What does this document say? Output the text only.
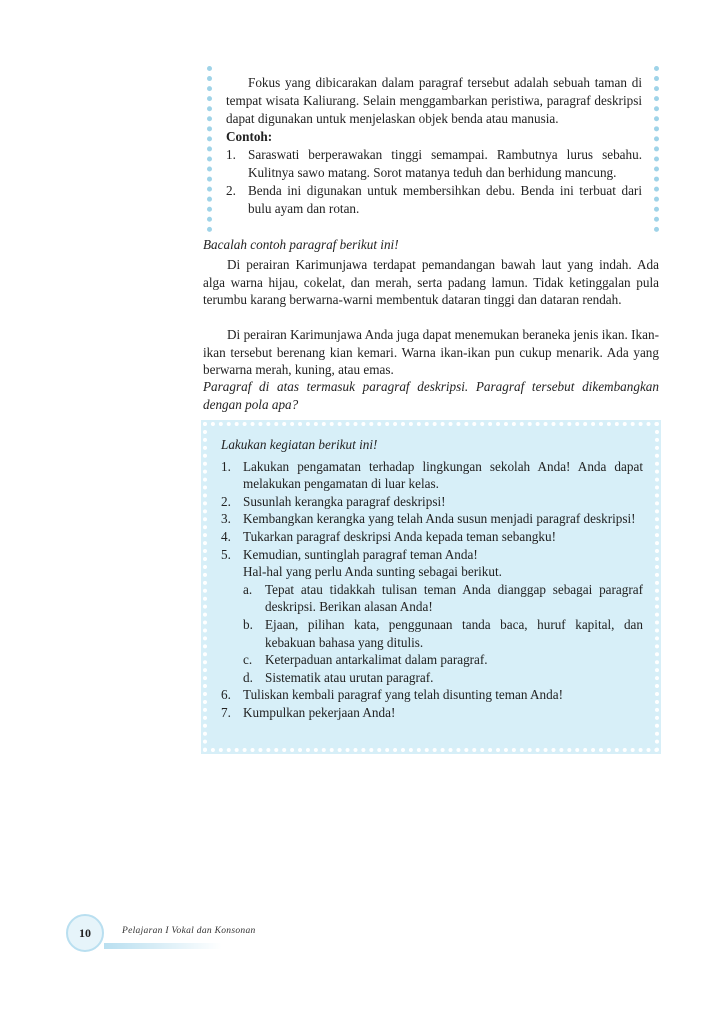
Fokus yang dibicarakan dalam paragraf tersebut adalah sebuah taman di tempat wisata Kaliurang. Selain menggambarkan peristiwa, paragraf deskripsi dapat digunakan untuk menjelaskan objek benda atau manusia.

Contoh:

1. Saraswati berperawakan tinggi semampai. Rambutnya lurus sebahu. Kulitnya sawo matang. Sorot matanya teduh dan berhidung mancung.
2. Benda ini digunakan untuk membersihkan debu. Benda ini terbuat dari bulu ayam dan rotan.
Bacalah contoh paragraf berikut ini!

Di perairan Karimunjawa terdapat pemandangan bawah laut yang indah. Ada alga warna hijau, cokelat, dan merah, serta padang lamun. Tidak ketinggalan pula terumbu karang berwarna-warni membentuk dataran tinggi dan dataran rendah.

Di perairan Karimunjawa Anda juga dapat menemukan beraneka jenis ikan. Ikan-ikan tersebut berenang kian kemari. Warna ikan-ikan pun cukup menarik. Ada yang berwarna merah, kuning, atau emas.

Paragraf di atas termasuk paragraf deskripsi. Paragraf tersebut dikembangkan dengan pola apa?
Lakukan kegiatan berikut ini!
1. Lakukan pengamatan terhadap lingkungan sekolah Anda! Anda dapat melakukan pengamatan di luar kelas.
2. Susunlah kerangka paragraf deskripsi!
3. Kembangkan kerangka yang telah Anda susun menjadi paragraf deskripsi!
4. Tukarkan paragraf deskripsi Anda kepada teman sebangku!
5. Kemudian, suntinglah paragraf teman Anda!
Hal-hal yang perlu Anda sunting sebagai berikut.
a. Tepat atau tidakkah tulisan teman Anda dianggap sebagai paragraf deskripsi. Berikan alasan Anda!
b. Ejaan, pilihan kata, penggunaan tanda baca, huruf kapital, dan kebakuan bahasa yang ditulis.
c. Keterpaduan antarkalimat dalam paragraf.
d. Sistematik atau urutan paragraf.
6. Tuliskan kembali paragraf yang telah disunting teman Anda!
7. Kumpulkan pekerjaan Anda!
10	Pelajaran I Vokal dan Konsonan
